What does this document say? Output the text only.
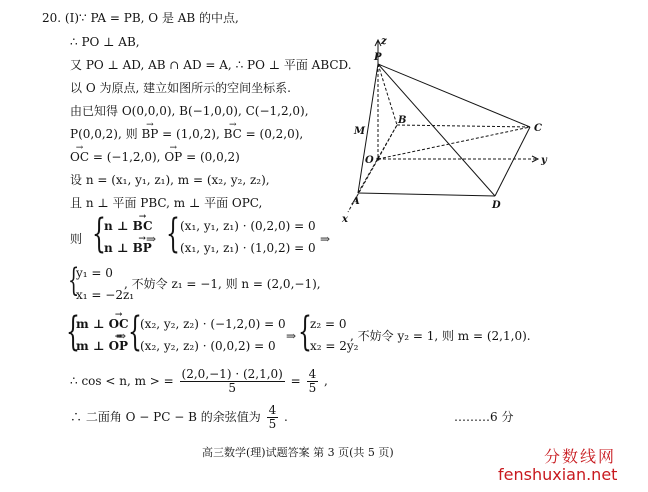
20. (Ⅰ)∵ PA = PB, O 是 AB 的中点,
∴ PO ⊥ AB,
又 PO ⊥ AD, AB ∩ AD = A, ∴ PO ⊥ 平面 ABCD.
以 O 为原点, 建立如图所示的空间坐标系.
由已知得 O(0,0,0), B(−1,0,0), C(−1,2,0),
P(0,0,2), 则 → BP = (1,0,2), → BC = (0,2,0),
→ OC = (−1,2,0), → OP = (0,0,2)
设 n = (x₁, y₁, z₁), m = (x₂, y₂, z₂),
且 n ⊥ 平面 PBC, m ⊥ 平面 OPC,
则 {
n ⊥ → BC
n ⊥ → BP
⇒ { (x₁, y₁, z₁) · (0,2,0) = 0
(x₁, y₁, z₁) · (1,0,2) = 0
⇒
{
y₁ = 0
x₁ = −2z₁
, 不妨令 z₁ = −1, 则 n = (2,0,−1),
{
m ⊥ → OC
m ⊥ → OP
⇒ {
(x₂, y₂, z₂) · (−1,2,0) = 0
(x₂, y₂, z₂) · (0,0,2) = 0
⇒ {
z₂ = 0
x₂ = 2y₂
, 不妨令 y₂ = 1, 则 m = (2,1,0).
∴ cos < n, m > = $\frac{(2,0,-1) \cdot (2,1,0)}{5} = \frac{4}{5}$ ,
∴ 二面角 O − PC − B 的余弦值为 $\frac{4}{5}$ .	………6 分
z
P
B
C
M
O	y
A	D
x
高三数学(理)试题答案 第 3 页(共 5 页)	分数线网
fenshuxian.net
